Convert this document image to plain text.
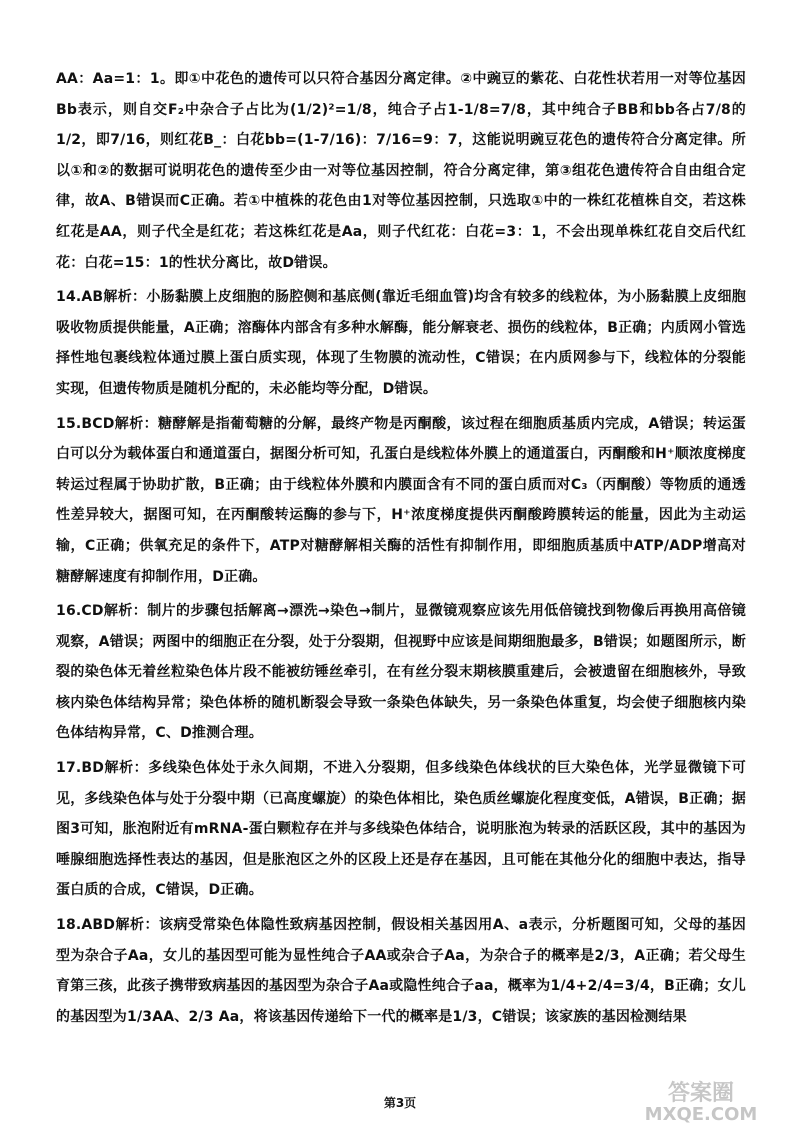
AA：Aa=1：1。即①中花色的遗传可以只符合基因分离定律。②中豌豆的紫花、白花性状若用一对等位基因Bb表示，则自交F₂中杂合子占比为(1/2)²=1/8，纯合子占1-1/8=7/8，其中纯合子BB和bb各占7/8的1/2，即7/16，则红花B_：白花bb=(1-7/16)：7/16=9：7，这能说明豌豆花色的遗传符合分离定律。所以①和②的数据可说明花色的遗传至少由一对等位基因控制，符合分离定律，第③组花色遗传符合自由组合定律，故A、B错误而C正确。若①中植株的花色由1对等位基因控制，只选取①中的一株红花植株自交，若这株红花是AA，则子代全是红花；若这株红花是Aa，则子代红花：白花=3：1，不会出现单株红花自交后代红花：白花=15：1的性状分离比，故D错误。

14.AB解析：小肠黏膜上皮细胞的肠腔侧和基底侧(靠近毛细血管)均含有较多的线粒体，为小肠黏膜上皮细胞吸收物质提供能量，A正确；溶酶体内部含有多种水解酶，能分解衰老、损伤的线粒体，B正确；内质网小管选择性地包裹线粒体通过膜上蛋白质实现，体现了生物膜的流动性，C错误；在内质网参与下，线粒体的分裂能实现，但遗传物质是随机分配的，未必能均等分配，D错误。

15.BCD解析：糖酵解是指葡萄糖的分解，最终产物是丙酮酸，该过程在细胞质基质内完成，A错误；转运蛋白可以分为载体蛋白和通道蛋白，据图分析可知，孔蛋白是线粒体外膜上的通道蛋白，丙酮酸和H⁺顺浓度梯度转运过程属于协助扩散，B正确；由于线粒体外膜和内膜面含有不同的蛋白质而对C₃（丙酮酸）等物质的通透性差异较大，据图可知，在丙酮酸转运酶的参与下，H⁺浓度梯度提供丙酮酸跨膜转运的能量，因此为主动运输，C正确；供氧充足的条件下，ATP对糖酵解相关酶的活性有抑制作用，即细胞质基质中ATP/ADP增高对糖酵解速度有抑制作用，D正确。

16.CD解析：制片的步骤包括解离→漂洗→染色→制片，显微镜观察应该先用低倍镜找到物像后再换用高倍镜观察，A错误；两图中的细胞正在分裂，处于分裂期，但视野中应该是间期细胞最多，B错误；如题图所示，断裂的染色体无着丝粒染色体片段不能被纺锤丝牵引，在有丝分裂末期核膜重建后，会被遗留在细胞核外，导致核内染色体结构异常；染色体桥的随机断裂会导致一条染色体缺失，另一条染色体重复，均会使子细胞核内染色体结构异常，C、D推测合理。

17.BD解析：多线染色体处于永久间期，不进入分裂期，但多线染色体线状的巨大染色体，光学显微镜下可见，多线染色体与处于分裂中期（已高度螺旋）的染色体相比，染色质丝螺旋化程度变低，A错误，B正确；据图3可知，胀泡附近有mRNA-蛋白颗粒存在并与多线染色体结合，说明胀泡为转录的活跃区段，其中的基因为唾腺细胞选择性表达的基因，但是胀泡区之外的区段上还是存在基因，且可能在其他分化的细胞中表达，指导蛋白质的合成，C错误，D正确。

18.ABD解析：该病受常染色体隐性致病基因控制，假设相关基因用A、a表示，分析题图可知，父母的基因型为杂合子Aa，女儿的基因型可能为显性纯合子AA或杂合子Aa，为杂合子的概率是2/3，A正确；若父母生育第三孩，此孩子携带致病基因的基因型为杂合子Aa或隐性纯合子aa，概率为1/4+2/4=3/4，B正确；女儿的基因型为1/3AA、2/3 Aa，将该基因传递给下一代的概率是1/3，C错误；该家族的基因检测结果

第3页	答案圈
MXQE.COM
